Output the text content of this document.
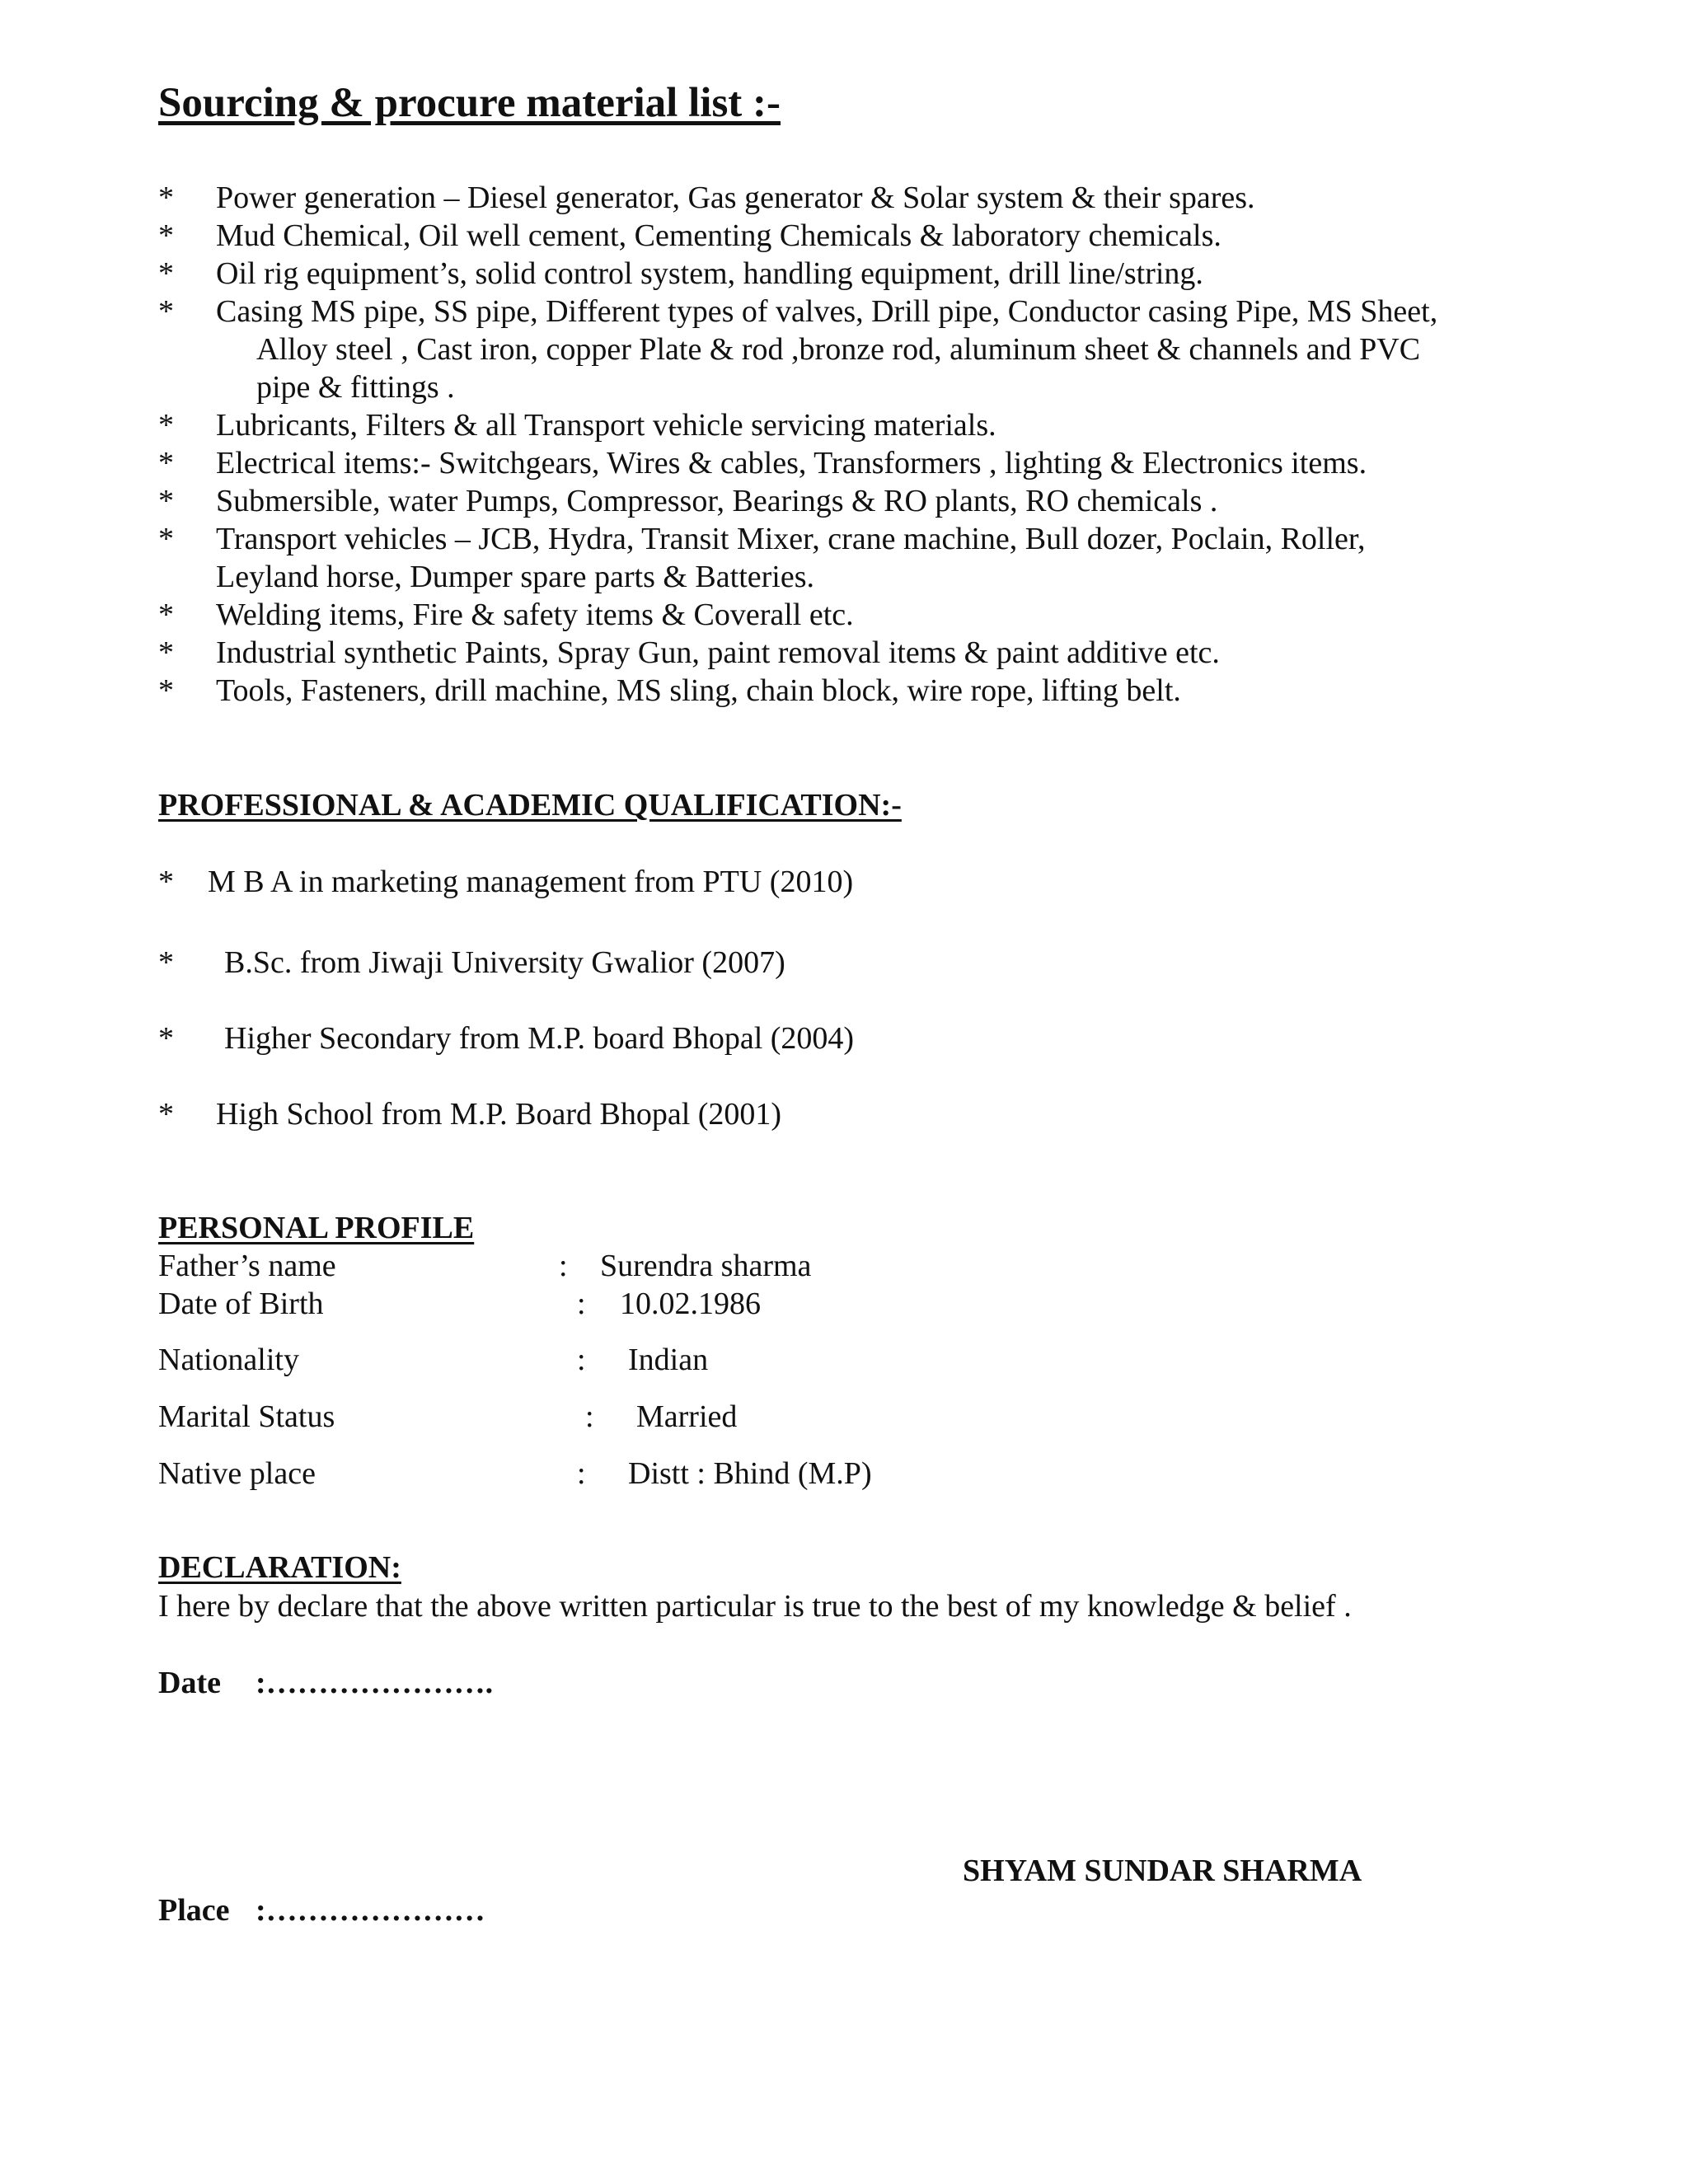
Sourcing & procure material list :-
* Power generation – Diesel generator, Gas generator & Solar system & their spares.
* Mud Chemical, Oil well cement, Cementing Chemicals & laboratory chemicals.
* Oil rig equipment’s, solid control system, handling equipment, drill line/string.
* Casing MS pipe, SS pipe, Different types of valves, Drill pipe, Conductor casing Pipe, MS Sheet,
Alloy steel , Cast iron, copper Plate & rod ,bronze rod, aluminum sheet & channels and PVC
pipe & fittings .
* Lubricants, Filters & all Transport vehicle servicing materials.
* Electrical items:- Switchgears, Wires & cables, Transformers , lighting & Electronics items.
* Submersible, water Pumps, Compressor, Bearings & RO plants, RO chemicals .
* Transport vehicles – JCB, Hydra, Transit Mixer, crane machine, Bull dozer, Poclain, Roller,
Leyland horse, Dumper spare parts & Batteries.
* Welding items, Fire & safety items & Coverall etc.
* Industrial synthetic Paints, Spray Gun, paint removal items & paint additive etc.
* Tools, Fasteners, drill machine, MS sling, chain block, wire rope, lifting belt.
PROFESSIONAL & ACADEMIC QUALIFICATION:-
* M B A in marketing management from PTU (2010)
* B.Sc. from Jiwaji University Gwalior (2007)
* Higher Secondary from M.P. board Bhopal (2004)
* High School from M.P. Board Bhopal (2001)
PERSONAL PROFILE
Father’s name	: Surendra sharma
Date of Birth	: 10.02.1986
Nationality	: Indian
Marital Status	: Married
Native place	: Distt : Bhind (M.P)
DECLARATION:
I here by declare that the above written particular is true to the best of my knowledge & belief .
Date :………………….
SHYAM SUNDAR SHARMA
Place :…………………
